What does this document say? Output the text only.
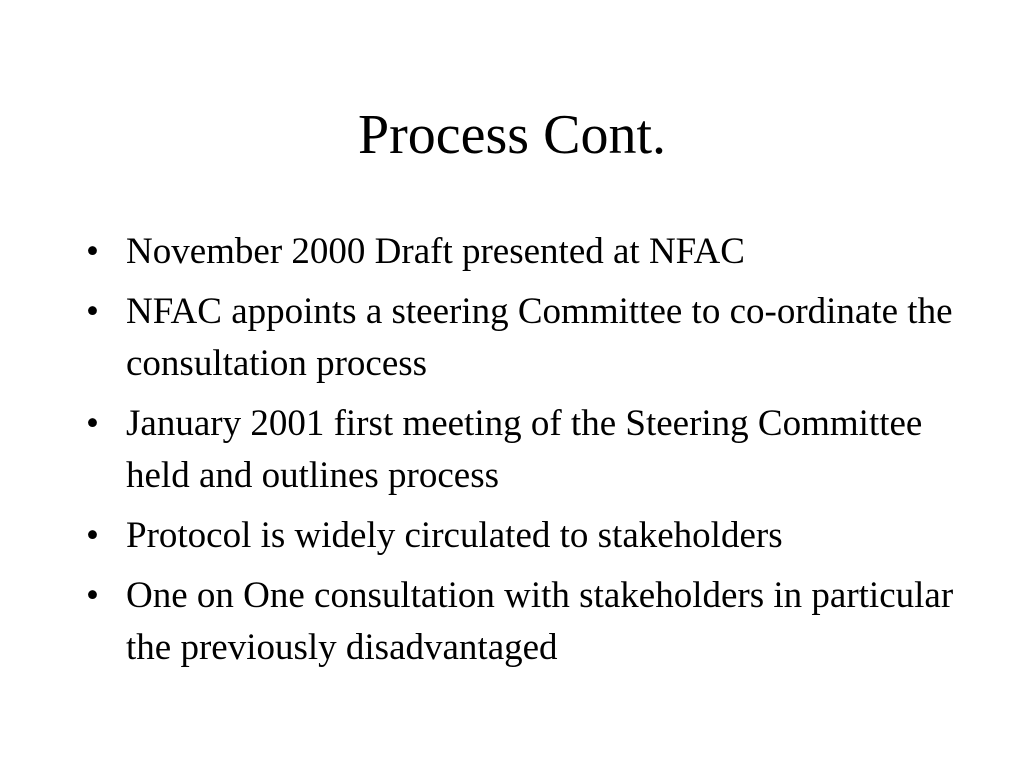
Process Cont.
• November 2000 Draft presented at NFAC
• NFAC appoints a steering Committee to co-ordinate the consultation process
• January 2001 first meeting of the Steering Committee held and outlines process
• Protocol is widely circulated to stakeholders
• One on One consultation with stakeholders in particular the previously disadvantaged
